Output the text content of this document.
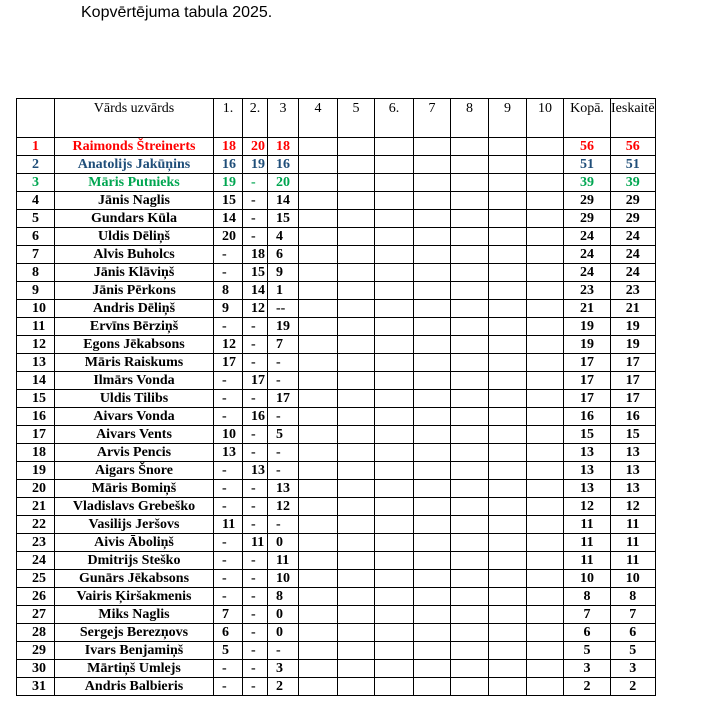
Kopvērtējuma tabula 2025.
	Vārds uzvārds	1.	2.	3	4	5	6.	7	8	9	10	Kopā.	Ieskaitē
1	Raimonds Štreinerts	18	20	18								56	56
2	Anatolijs Jakūņins	16	19	16								51	51
3	Māris Putnieks	19	-	20								39	39
4	Jānis Naglis	15	-	14								29	29
5	Gundars Kūla	14	-	15								29	29
6	Uldis Dēliņš	20	-	4								24	24
7	Alvis Buholcs	-	18	6								24	24
8	Jānis Klāviņš	-	15	9								24	24
9	Jānis Pērkons	8	14	1								23	23
10	Andris Dēliņš	9	12	--								21	21
11	Ervīns Bērziņš	-	-	19								19	19
12	Egons Jēkabsons	12	-	7								19	19
13	Māris Raiskums	17	-	-								17	17
14	Ilmārs Vonda	-	17	-								17	17
15	Uldis Tilibs	-	-	17								17	17
16	Aivars Vonda	-	16	-								16	16
17	Aivars Vents	10	-	5								15	15
18	Arvis Pencis	13	-	-								13	13
19	Aigars Šnore	-	13	-								13	13
20	Māris Bomiņš	-	-	13								13	13
21	Vladislavs Grebeško	-	-	12								12	12
22	Vasilijs Jeršovs	11	-	-								11	11
23	Aivis Āboliņš	-	11	0								11	11
24	Dmitrijs Steško	-	-	11								11	11
25	Gunārs Jēkabsons	-	-	10								10	10
26	Vairis Ķiršakmenis	-	-	8								8	8
27	Miks Naglis	7	-	0								7	7
28	Sergejs Berezņovs	6	-	0								6	6
29	Ivars Benjamiņš	5	-	-								5	5
30	Mārtiņš Umlejs	-	-	3								3	3
31	Andris Balbieris	-	-	2								2	2
